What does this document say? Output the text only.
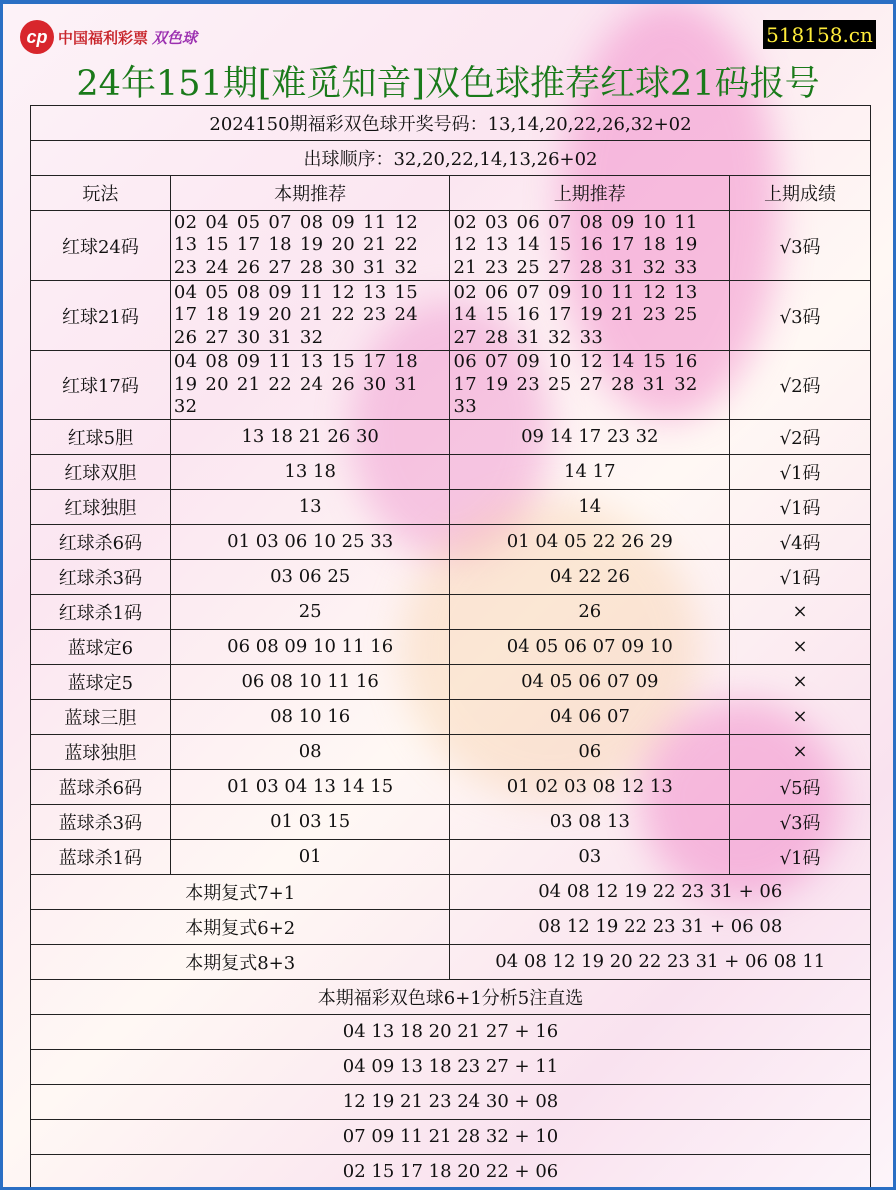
cp 中国福利彩票 双色球	518158.cn
24年151期[难觅知音]双色球推荐红球21码报号
2024150期福彩双色球开奖号码：13,14,20,22,26,32+02			
出球顺序：32,20,22,14,13,26+02			
玩法	本期推荐	上期推荐	上期成绩
红球24码	02 04 05 07 08 09 11 12 13 15 17 18 19 20 21 22 23 24 26 27 28 30 31 32	02 03 06 07 08 09 10 11 12 13 14 15 16 17 18 19 21 23 25 27 28 31 32 33	√3码
红球21码	04 05 08 09 11 12 13 15 17 18 19 20 21 22 23 24 26 27 30 31 32	02 06 07 09 10 11 12 13 14 15 16 17 19 21 23 25 27 28 31 32 33	√3码
红球17码	04 08 09 11 13 15 17 18 19 20 21 22 24 26 30 31 32	06 07 09 10 12 14 15 16 17 19 23 25 27 28 31 32 33	√2码
红球5胆	13 18 21 26 30	09 14 17 23 32	√2码
红球双胆	13 18	14 17	√1码
红球独胆	13	14	√1码
红球杀6码	01 03 06 10 25 33	01 04 05 22 26 29	√4码
红球杀3码	03 06 25	04 22 26	√1码
红球杀1码	25	26	×
蓝球定6	06 08 09 10 11 16	04 05 06 07 09 10	×
蓝球定5	06 08 10 11 16	04 05 06 07 09	×
蓝球三胆	08 10 16	04 06 07	×
蓝球独胆	08	06	×
蓝球杀6码	01 03 04 13 14 15	01 02 03 08 12 13	√5码
蓝球杀3码	01 03 15	03 08 13	√3码
蓝球杀1码	01	03	√1码
本期复式7+1		04 08 12 19 22 23 31 + 06	
本期复式6+2		08 12 19 22 23 31 + 06 08	
本期复式8+3		04 08 12 19 20 22 23 31 + 06 08 11	
本期福彩双色球6+1分析5注直选			
04 13 18 20 21 27 + 16			
04 09 13 18 23 27 + 11			
12 19 21 23 24 30 + 08			
07 09 11 21 28 32 + 10			
02 15 17 18 20 22 + 06			
